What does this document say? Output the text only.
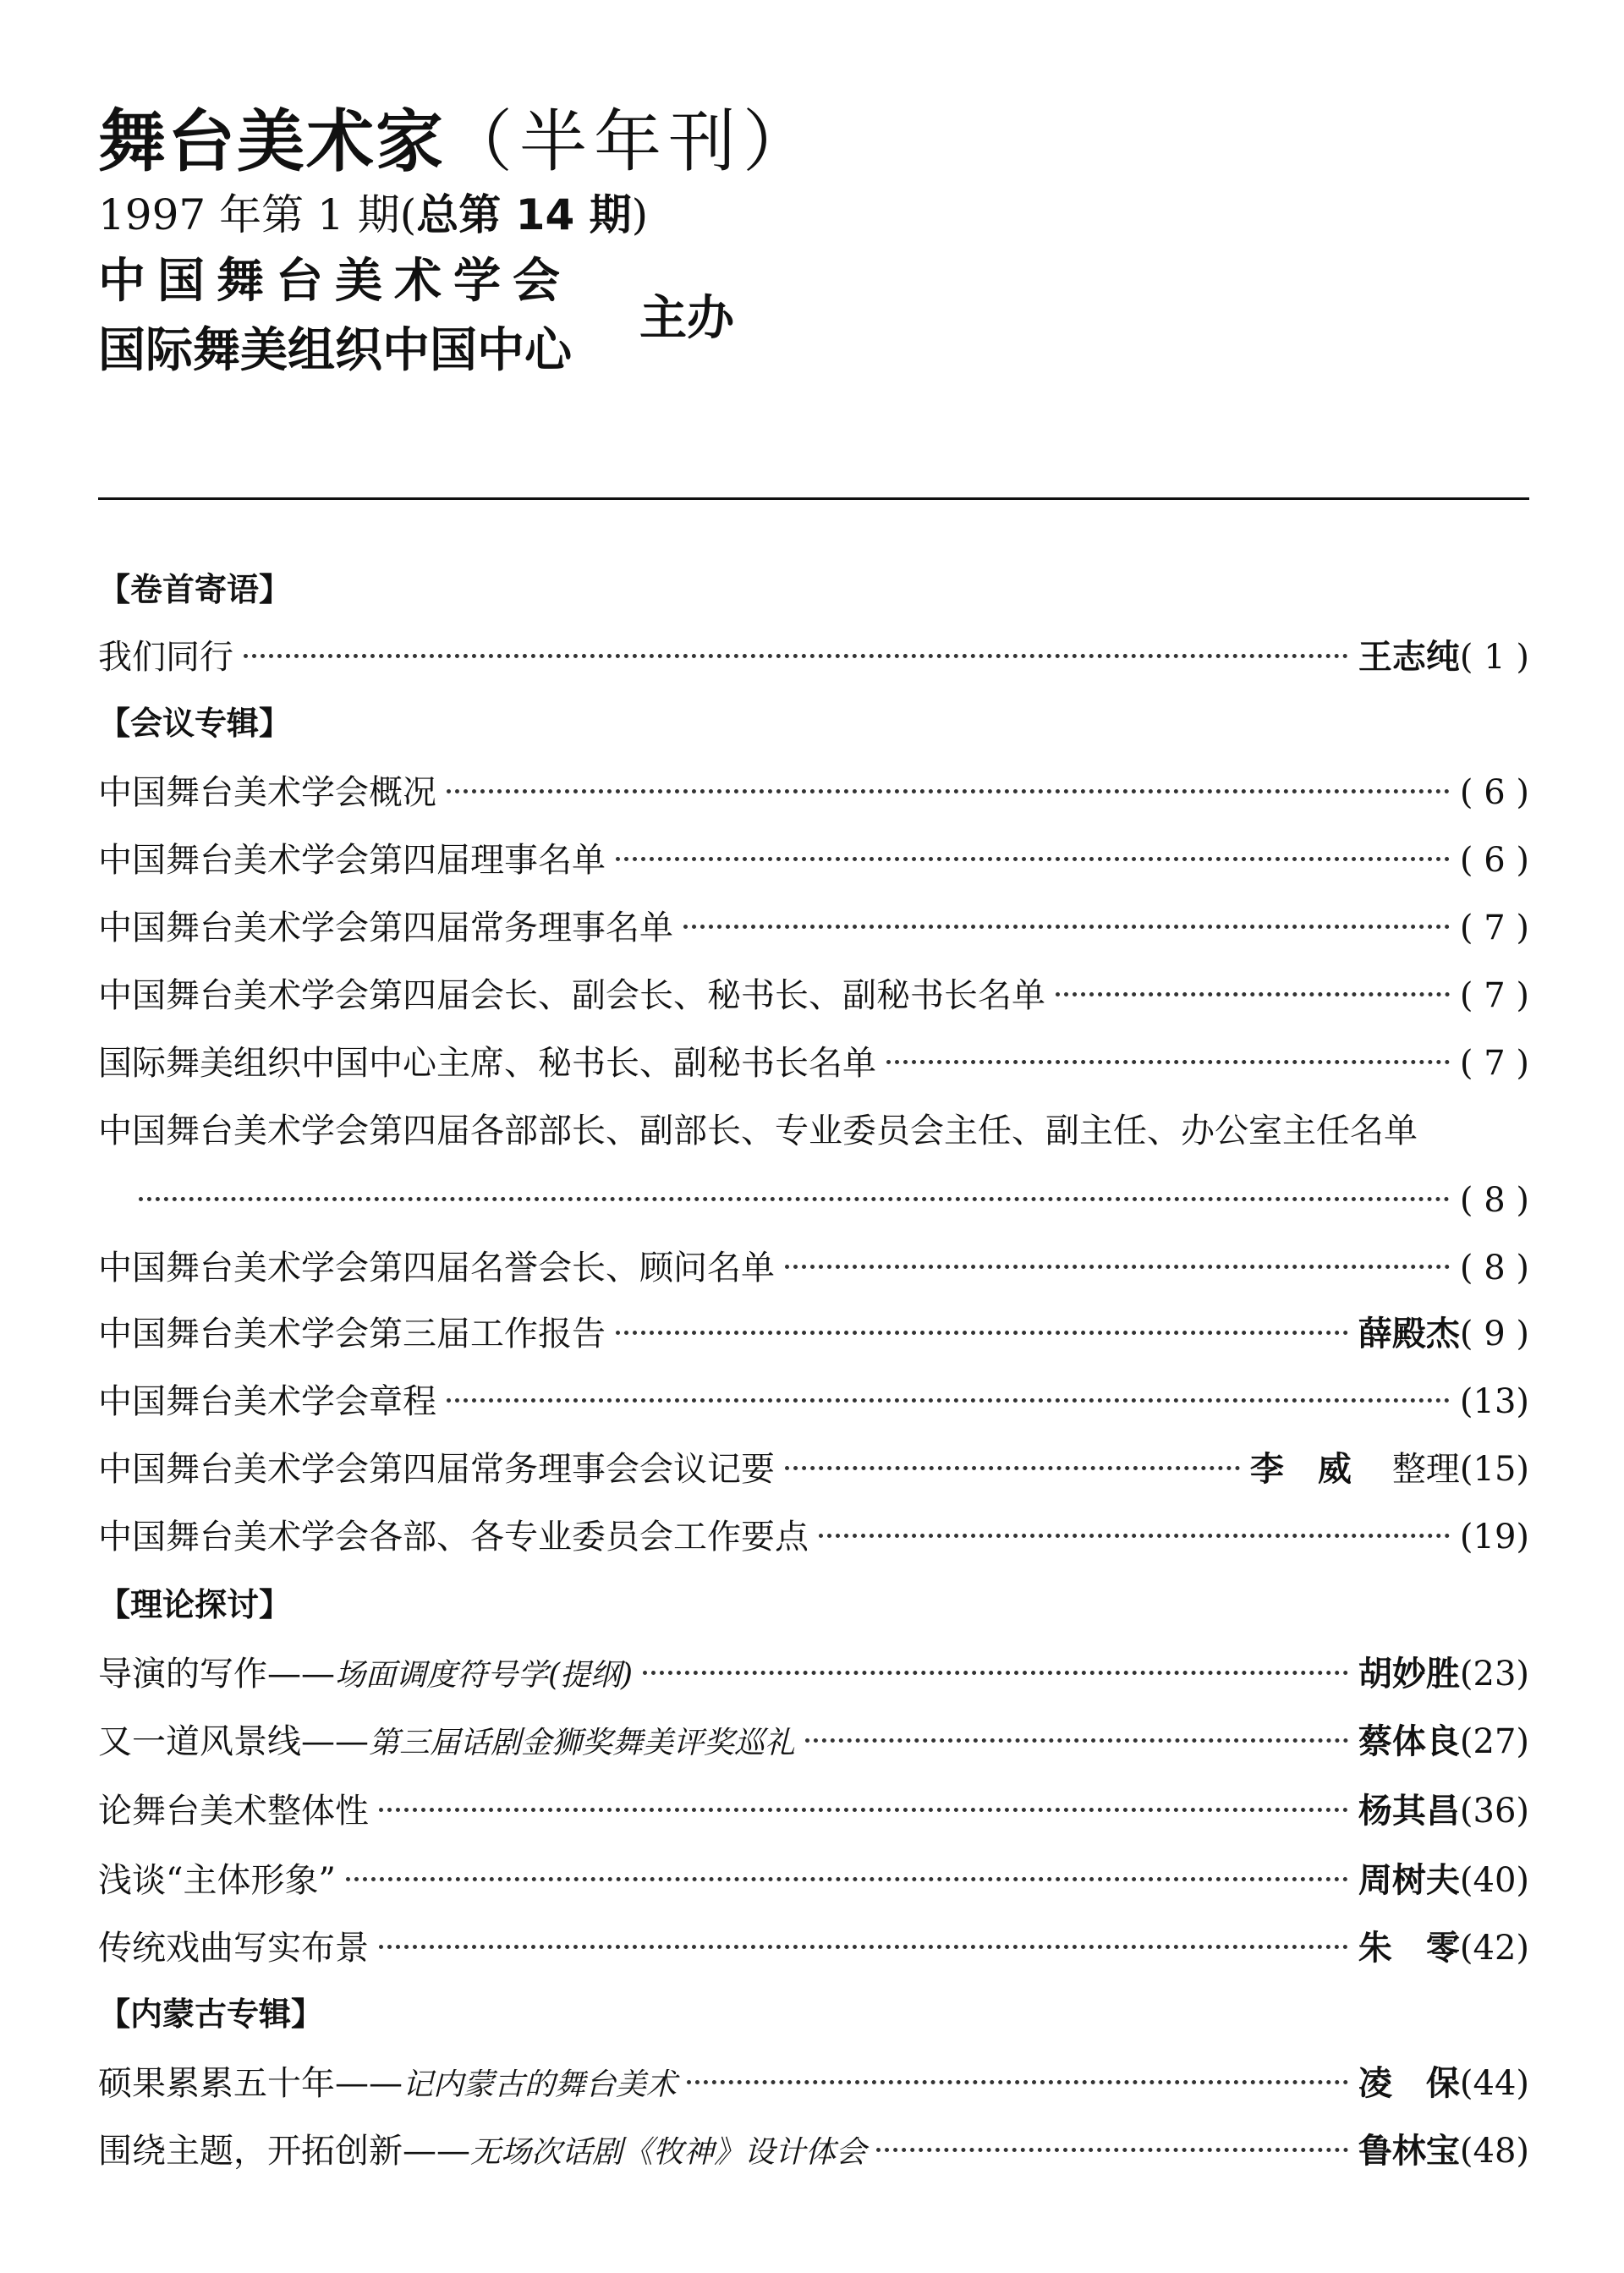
舞台美术家（半年刊）
1997 年第 1 期(总第 14 期)
中国舞台美术学会
国际舞美组织中国中心
主办
【卷首寄语】
我们同行	王志纯 ( 1 )
【会议专辑】
中国舞台美术学会概况	( 6 )
中国舞台美术学会第四届理事名单	( 6 )
中国舞台美术学会第四届常务理事名单	( 7 )
中国舞台美术学会第四届会长、副会长、秘书长、副秘书长名单	( 7 )
国际舞美组织中国中心主席、秘书长、副秘书长名单	( 7 )
中国舞台美术学会第四届各部部长、副部长、专业委员会主任、副主任、办公室主任名单
( 8 )
中国舞台美术学会第四届名誉会长、顾问名单	( 8 )
中国舞台美术学会第三届工作报告	薛殿杰 ( 9 )
中国舞台美术学会章程	(13)
中国舞台美术学会第四届常务理事会会议记要	李　威 整理 (15)
中国舞台美术学会各部、各专业委员会工作要点	(19)
【理论探讨】
导演的写作——场面调度符号学(提纲)	胡妙胜 (23)
又一道风景线——第三届话剧金狮奖舞美评奖巡礼	蔡体良 (27)
论舞台美术整体性	杨其昌 (36)
浅谈“主体形象”	周树夫 (40)
传统戏曲写实布景	朱　零 (42)
【内蒙古专辑】
硕果累累五十年——记内蒙古的舞台美术	凌　保 (44)
围绕主题，开拓创新——无场次话剧《牧神》设计体会	鲁林宝 (48)
